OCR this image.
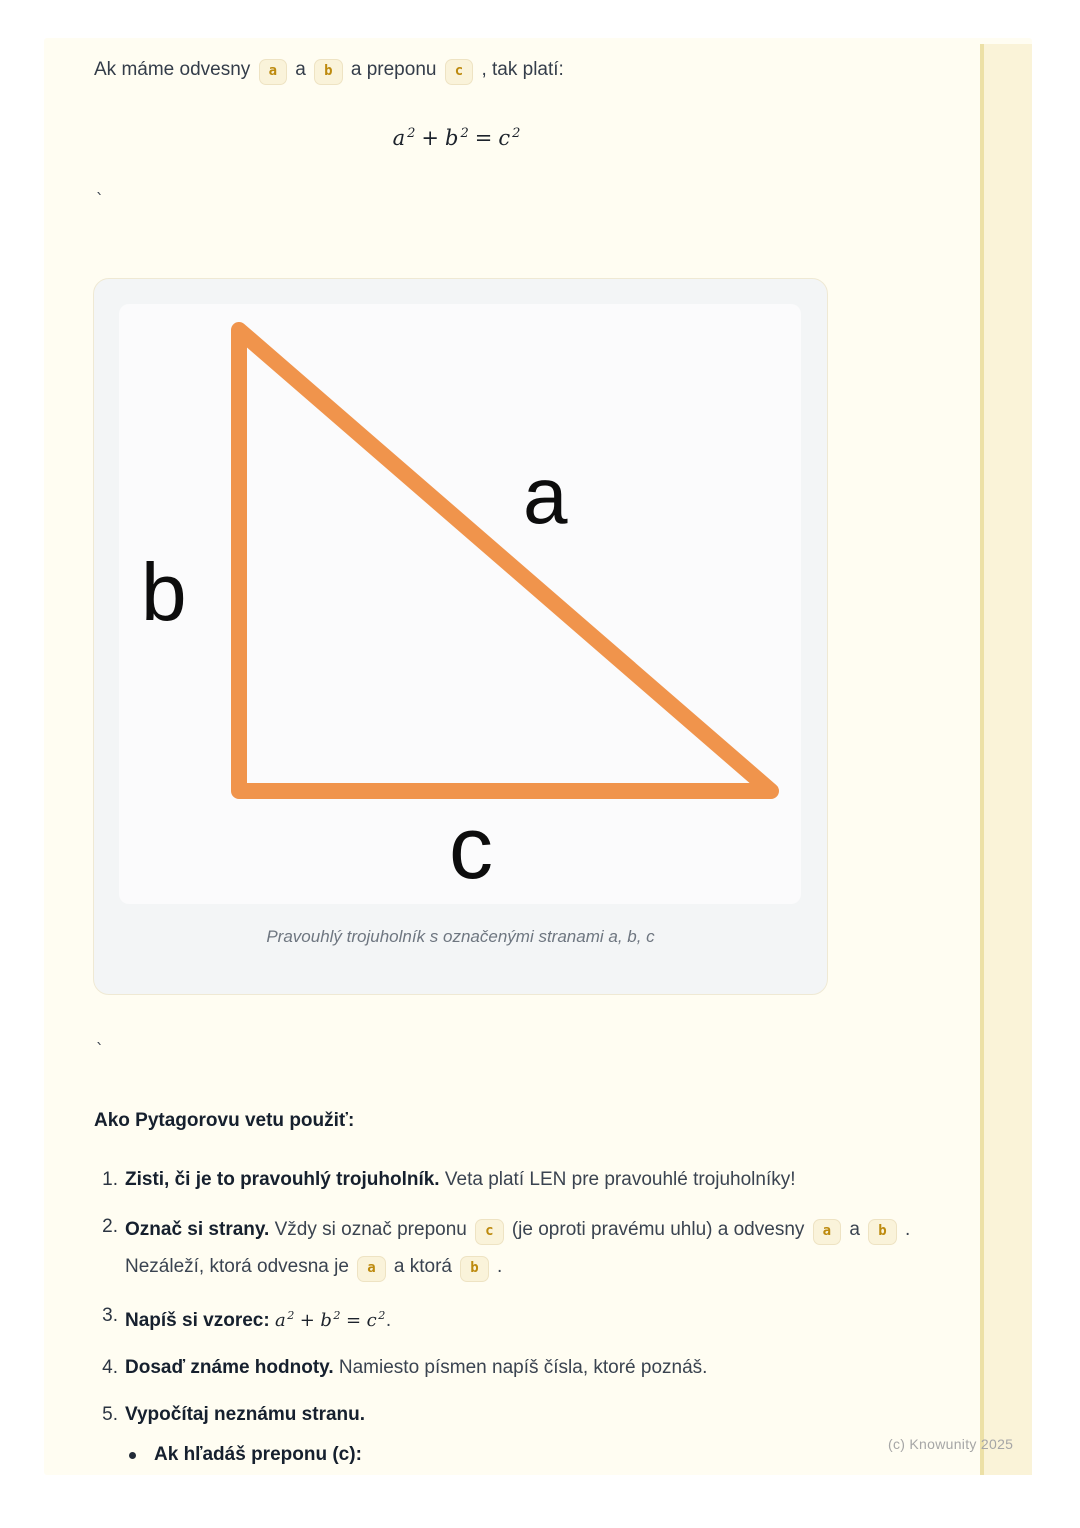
Ak máme odvesny a a b a preponu c , tak platí:

$a^2 + b^2 = c^2$
`
a
b
c
Pravouhlý trojuholník s označenými stranami a, b, c
`
Ako Pytagorovu vetu použiť:
1. Zisti, či je to pravouhlý trojuholník. Veta platí LEN pre pravouhlé trojuholníky!
2. Označ si strany. Vždy si označ preponu c (je oproti pravému uhlu) a odvesny a a b . Nezáleží, ktorá odvesna je a a ktorá b .
3. Napíš si vzorec: $a^2 + b^2 = c^2$.
4. Dosaď známe hodnoty. Namiesto písmen napíš čísla, ktoré poznáš.
5. Vypočítaj neznámu stranu.
Ak hľadáš preponu (c):	(c) Knowunity 2025
